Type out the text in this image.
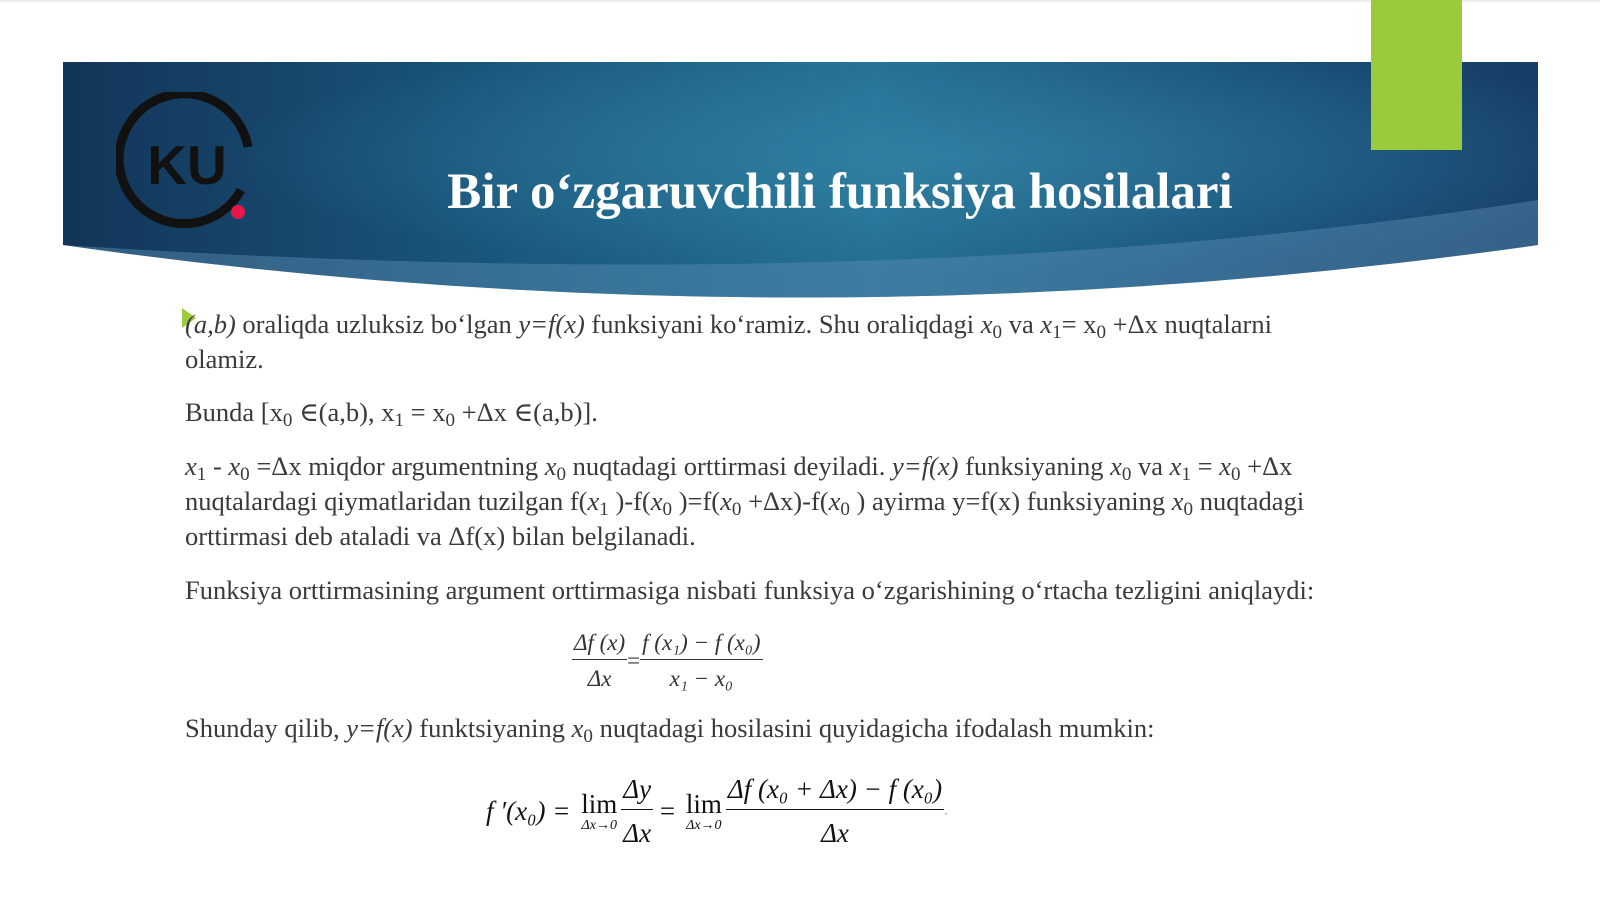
KU	Bir o‘zgaruvchili funksiya hosilalari

(a,b) oraliqda uzluksiz bo‘lgan y=f(x) funksiyani ko‘ramiz. Shu oraliqdagi $x_0$ va $x_1= x_0 +\Delta x$ nuqtalarni olamiz.

Bunda [$x_0$ ∈(a,b), $x_1 = x_0 +\Delta x$ ∈(a,b)].

$x_1 - x_0 =\Delta x$ miqdor argumentning $x_0$ nuqtadagi orttirmasi deyiladi. y=f(x) funksiyaning $x_0$ va $x_1 = x_0 +\Delta x$ nuqtalardagi qiymatlaridan tuzilgan $f(x_1$ )$-f(x_0$ )$=f(x_0 +\Delta x)-f(x_0$ ) ayirma y=f(x) funksiyaning $x_0$ nuqtadagi orttirmasi deb ataladi va Δf(x) bilan belgilanadi.

Funksiya orttirmasining argument orttirmasiga nisbati funksiya o‘zgarishining o‘rtacha tezligini aniqlaydi:

Shunday qilib, y=f(x) funktsiyaning $x_0$ nuqtadagi hosilasini quyidagicha ifodalash mumkin:

$\frac{\Delta f (x)}{\Delta x} = \frac{\text{f (x₁) − f (x₀)}}{\text{x₁ − x₀}}$
f ′(x₀) = lim
$\Delta x\to 0 \frac{\Delta y}{\Delta x} = \lim$
$\Delta x\to 0 \frac{\text{Δf (x₀ + Δx) − f (x₀)}}{\Delta x}$ .
